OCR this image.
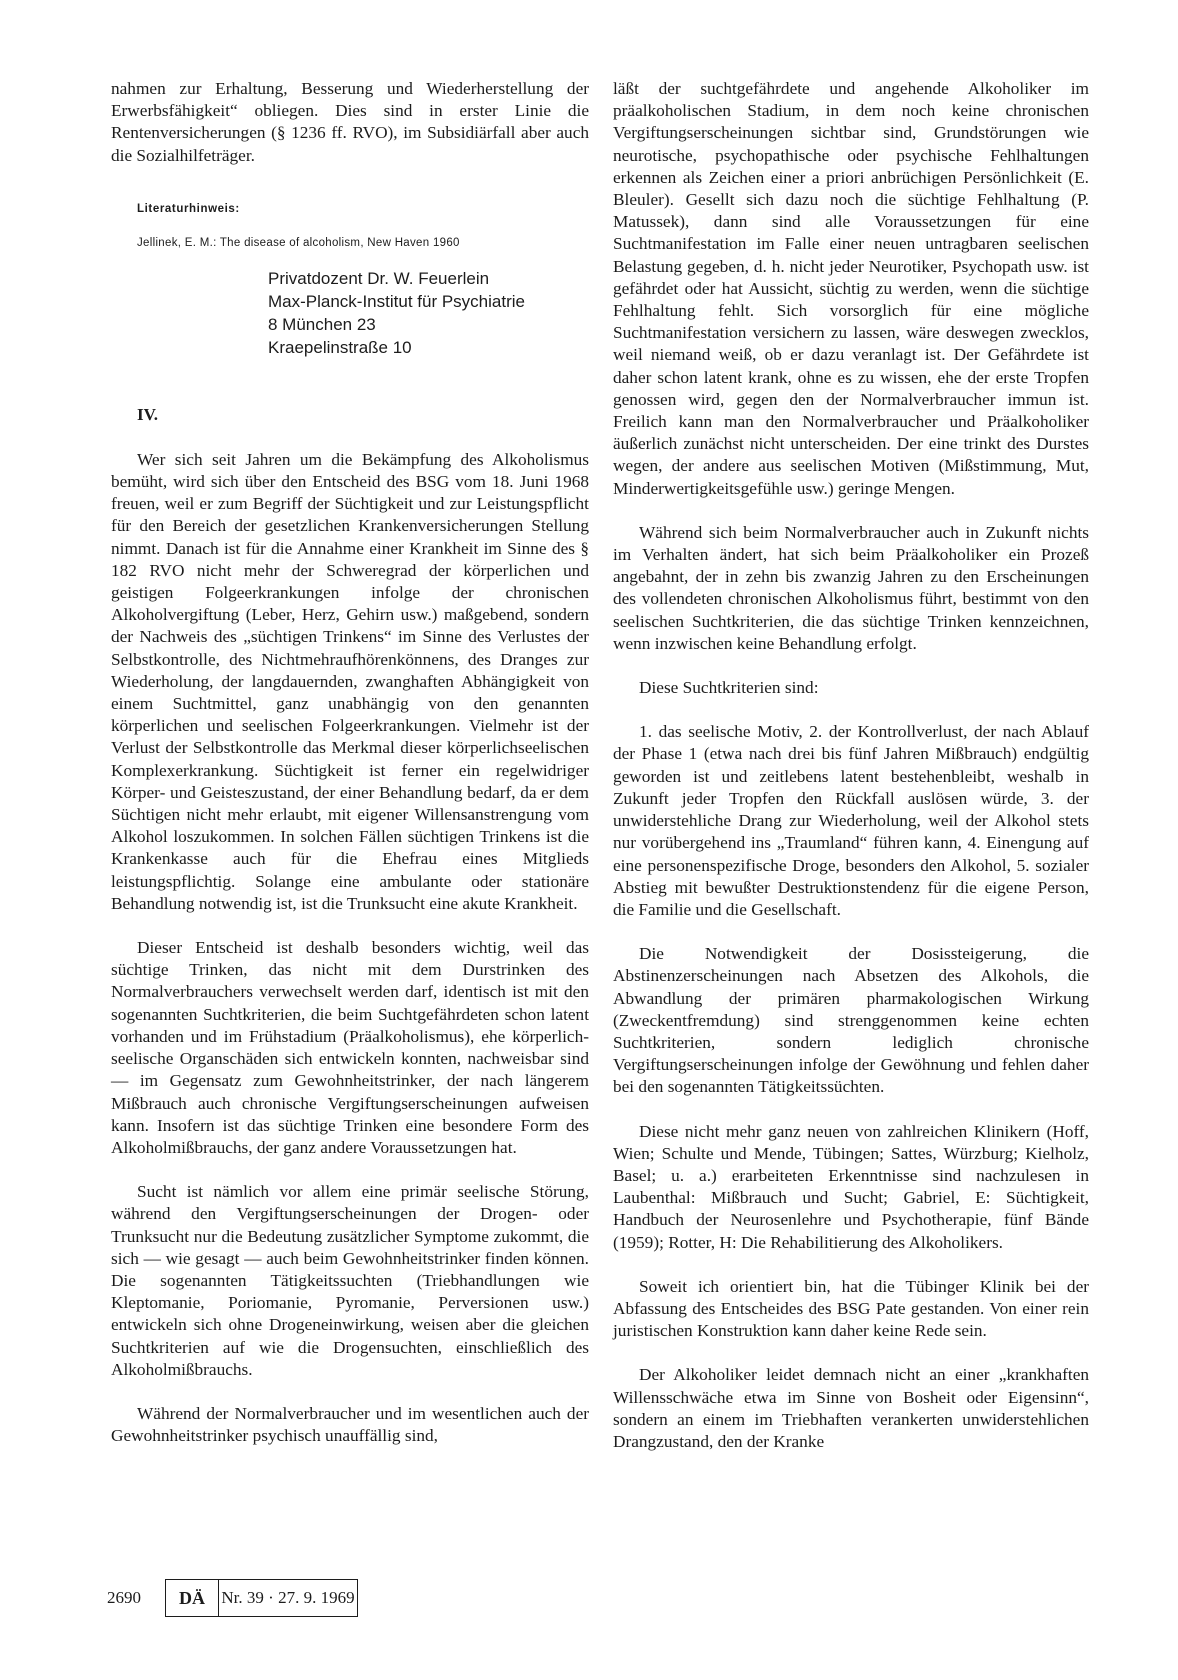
nahmen zur Erhaltung, Besserung und Wiederherstellung der Erwerbsfähigkeit“ obliegen. Dies sind in erster Linie die Rentenversicherungen (§ 1236 ff. RVO), im Subsidiärfall aber auch die Sozialhilfeträger.

Literaturhinweis:
Jellinek, E. M.: The disease of alcoholism, New Haven 1960
Privatdozent Dr. W. Feuerlein
Max-Planck-Institut für Psychiatrie
8 München 23
Kraepelinstraße 10
IV.

Wer sich seit Jahren um die Bekämpfung des Alkoholismus bemüht, wird sich über den Entscheid des BSG vom 18. Juni 1968 freuen, weil er zum Begriff der Süchtigkeit und zur Leistungspflicht für den Bereich der gesetzlichen Krankenversicherungen Stellung nimmt. Danach ist für die Annahme einer Krankheit im Sinne des § 182 RVO nicht mehr der Schweregrad der körperlichen und geistigen Folgeerkrankungen infolge der chronischen Alkoholvergiftung (Leber, Herz, Gehirn usw.) maßgebend, sondern der Nachweis des „süchtigen Trinkens“ im Sinne des Verlustes der Selbstkontrolle, des Nichtmehraufhörenkönnens, des Dranges zur Wiederholung, der langdauernden, zwanghaften Abhängigkeit von einem Suchtmittel, ganz unabhängig von den genannten körperlichen und seelischen Folgeerkrankungen. Vielmehr ist der Verlust der Selbstkontrolle das Merkmal dieser körperlichseelischen Komplexerkrankung. Süchtigkeit ist ferner ein regelwidriger Körper- und Geisteszustand, der einer Behandlung bedarf, da er dem Süchtigen nicht mehr erlaubt, mit eigener Willensanstrengung vom Alkohol loszukommen. In solchen Fällen süchtigen Trinkens ist die Krankenkasse auch für die Ehefrau eines Mitglieds leistungspflichtig. Solange eine ambulante oder stationäre Behandlung notwendig ist, ist die Trunksucht eine akute Krankheit.

Dieser Entscheid ist deshalb besonders wichtig, weil das süchtige Trinken, das nicht mit dem Durstrinken des Normalverbrauchers verwechselt werden darf, identisch ist mit den sogenannten Suchtkriterien, die beim Suchtgefährdeten schon latent vorhanden und im Frühstadium (Präalkoholismus), ehe körperlich-seelische Organschäden sich entwickeln konnten, nachweisbar sind — im Gegensatz zum Gewohnheitstrinker, der nach längerem Mißbrauch auch chronische Vergiftungserscheinungen aufweisen kann. Insofern ist das süchtige Trinken eine besondere Form des Alkoholmißbrauchs, der ganz andere Voraussetzungen hat.

Sucht ist nämlich vor allem eine primär seelische Störung, während den Vergiftungserscheinungen der Drogen- oder Trunksucht nur die Bedeutung zusätzlicher Symptome zukommt, die sich — wie gesagt — auch beim Gewohnheitstrinker finden können. Die sogenannten Tätigkeitssuchten (Triebhandlungen wie Kleptomanie, Poriomanie, Pyromanie, Perversionen usw.) entwickeln sich ohne Drogeneinwirkung, weisen aber die gleichen Suchtkriterien auf wie die Drogensuchten, einschließlich des Alkoholmißbrauchs.

Während der Normalverbraucher und im wesentlichen auch der Gewohnheitstrinker psychisch unauffällig sind,

läßt der suchtgefährdete und angehende Alkoholiker im präalkoholischen Stadium, in dem noch keine chronischen Vergiftungserscheinungen sichtbar sind, Grundstörungen wie neurotische, psychopathische oder psychische Fehlhaltungen erkennen als Zeichen einer a priori anbrüchigen Persönlichkeit (E. Bleuler). Gesellt sich dazu noch die süchtige Fehlhaltung (P. Matussek), dann sind alle Voraussetzungen für eine Suchtmanifestation im Falle einer neuen untragbaren seelischen Belastung gegeben, d. h. nicht jeder Neurotiker, Psychopath usw. ist gefährdet oder hat Aussicht, süchtig zu werden, wenn die süchtige Fehlhaltung fehlt. Sich vorsorglich für eine mögliche Suchtmanifestation versichern zu lassen, wäre deswegen zwecklos, weil niemand weiß, ob er dazu veranlagt ist. Der Gefährdete ist daher schon latent krank, ohne es zu wissen, ehe der erste Tropfen genossen wird, gegen den der Normalverbraucher immun ist. Freilich kann man den Normalverbraucher und Präalkoholiker äußerlich zunächst nicht unterscheiden. Der eine trinkt des Durstes wegen, der andere aus seelischen Motiven (Mißstimmung, Mut, Minderwertigkeitsgefühle usw.) geringe Mengen.

Während sich beim Normalverbraucher auch in Zukunft nichts im Verhalten ändert, hat sich beim Präalkoholiker ein Prozeß angebahnt, der in zehn bis zwanzig Jahren zu den Erscheinungen des vollendeten chronischen Alkoholismus führt, bestimmt von den seelischen Suchtkriterien, die das süchtige Trinken kennzeichnen, wenn inzwischen keine Behandlung erfolgt.

Diese Suchtkriterien sind:

1. das seelische Motiv, 2. der Kontrollverlust, der nach Ablauf der Phase 1 (etwa nach drei bis fünf Jahren Mißbrauch) endgültig geworden ist und zeitlebens latent bestehenbleibt, weshalb in Zukunft jeder Tropfen den Rückfall auslösen würde, 3. der unwiderstehliche Drang zur Wiederholung, weil der Alkohol stets nur vorübergehend ins „Traumland“ führen kann, 4. Einengung auf eine personenspezifische Droge, besonders den Alkohol, 5. sozialer Abstieg mit bewußter Destruktionstendenz für die eigene Person, die Familie und die Gesellschaft.

Die Notwendigkeit der Dosissteigerung, die Abstinenzerscheinungen nach Absetzen des Alkohols, die Abwandlung der primären pharmakologischen Wirkung (Zweckentfremdung) sind strenggenommen keine echten Suchtkriterien, sondern lediglich chronische Vergiftungserscheinungen infolge der Gewöhnung und fehlen daher bei den sogenannten Tätigkeitssüchten.

Diese nicht mehr ganz neuen von zahlreichen Klinikern (Hoff, Wien; Schulte und Mende, Tübingen; Sattes, Würzburg; Kielholz, Basel; u. a.) erarbeiteten Erkenntnisse sind nachzulesen in Laubenthal: Mißbrauch und Sucht; Gabriel, E: Süchtigkeit, Handbuch der Neurosenlehre und Psychotherapie, fünf Bände (1959); Rotter, H: Die Rehabilitierung des Alkoholikers.

Soweit ich orientiert bin, hat die Tübinger Klinik bei der Abfassung des Entscheides des BSG Pate gestanden. Von einer rein juristischen Konstruktion kann daher keine Rede sein.

Der Alkoholiker leidet demnach nicht an einer „krankhaften Willensschwäche etwa im Sinne von Bosheit oder Eigensinn“, sondern an einem im Triebhaften verankerten unwiderstehlichen Drangzustand, den der Kranke

2690	DÄ Nr. 39 · 27. 9. 1969
